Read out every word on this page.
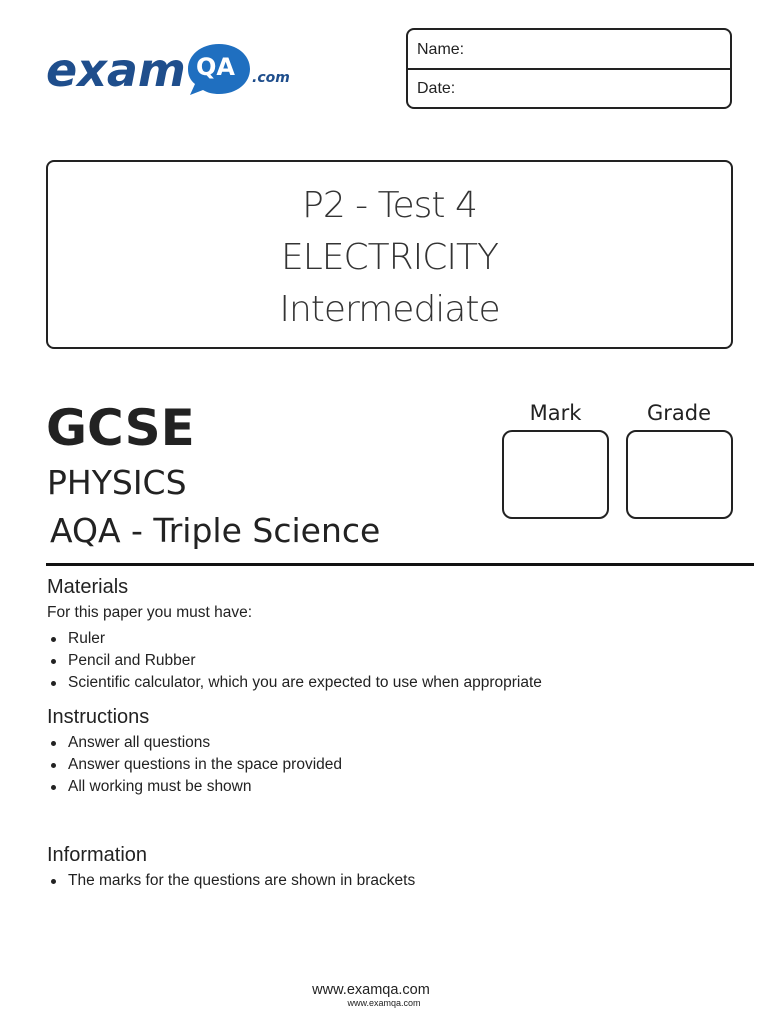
exam QA .com
Name:
Date:
P2 - Test 4
ELECTRICITY
Intermediate
GCSE
PHYSICS
AQA - Triple Science
Mark	Grade
Materials
For this paper you must have:
Ruler
Pencil and Rubber
Scientific calculator, which you are expected to use when appropriate
Instructions
Answer all questions
Answer questions in the space provided
All working must be shown
Information
The marks for the questions are shown in brackets
www.examqa.com
www.examqa.com
